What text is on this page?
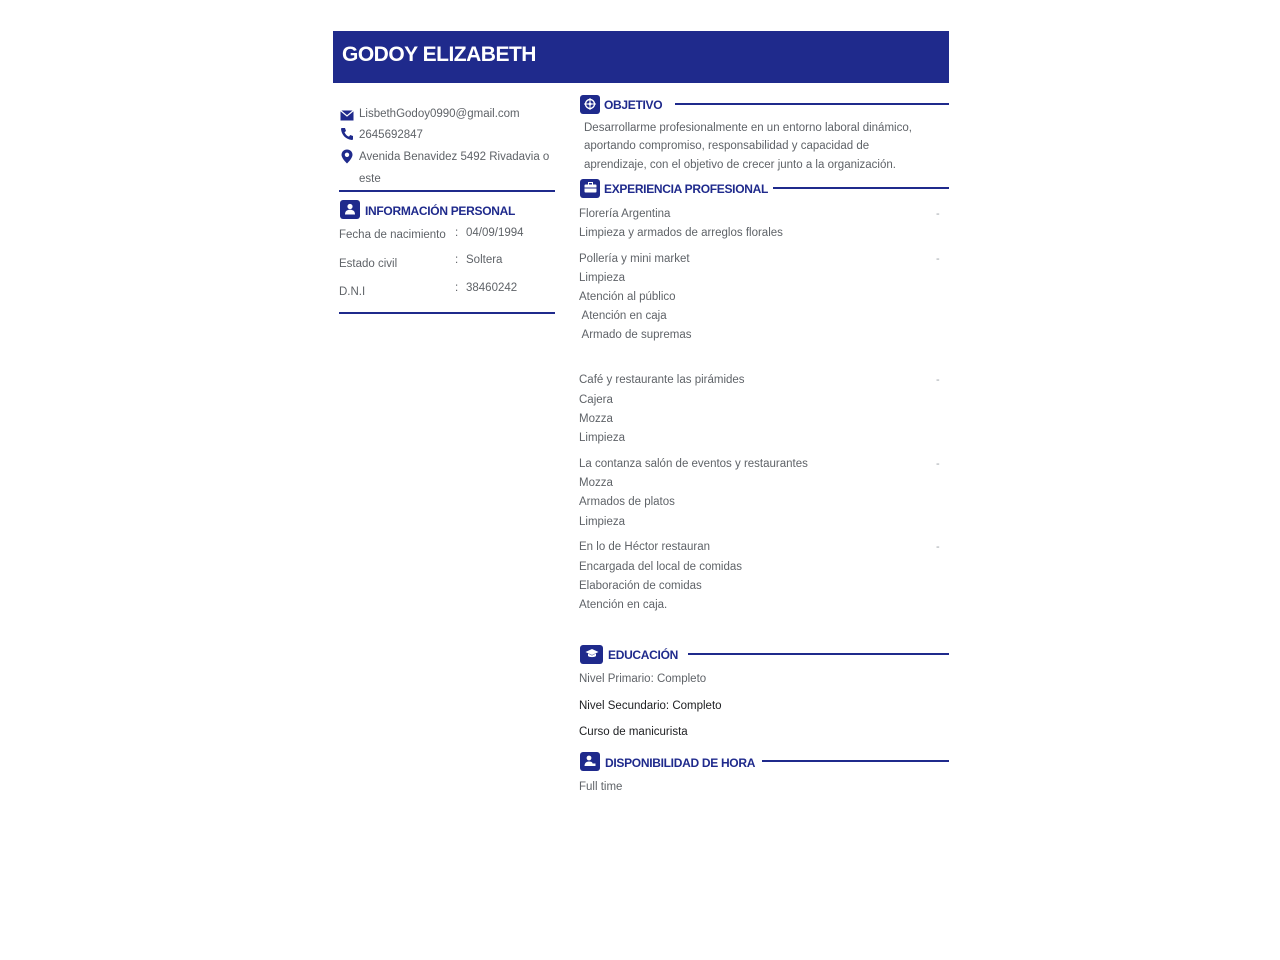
GODOY ELIZABETH
LisbethGodoy0990@gmail.com
2645692847
Avenida Benavidez 5492 Rivadavia o
este
INFORMACIÓN PERSONAL
Fecha de nacimiento : 04/09/1994
Estado civil	: Soltera
D.N.I	: 38460242
OBJETIVO
Desarrollarme profesionalmente en un entorno laboral dinámico,
aportando compromiso, responsabilidad y capacidad de
aprendizaje, con el objetivo de crecer junto a la organización.
EXPERIENCIA PROFESIONAL
Florería Argentina	-
Limpieza y armados de arreglos florales
Pollería y mini market	-
Limpieza
Atención al público
Atención en caja
Armado de supremas
Café y restaurante las pirámides	-
Cajera
Mozza
Limpieza
La contanza salón de eventos y restaurantes	-
Mozza
Armados de platos
Limpieza
En lo de Héctor restauran	-
Encargada del local de comidas
Elaboración de comidas
Atención en caja.
EDUCACIÓN
Nivel Primario: Completo
Nivel Secundario: Completo
Curso de manicurista
DISPONIBILIDAD DE HORA
Full time
